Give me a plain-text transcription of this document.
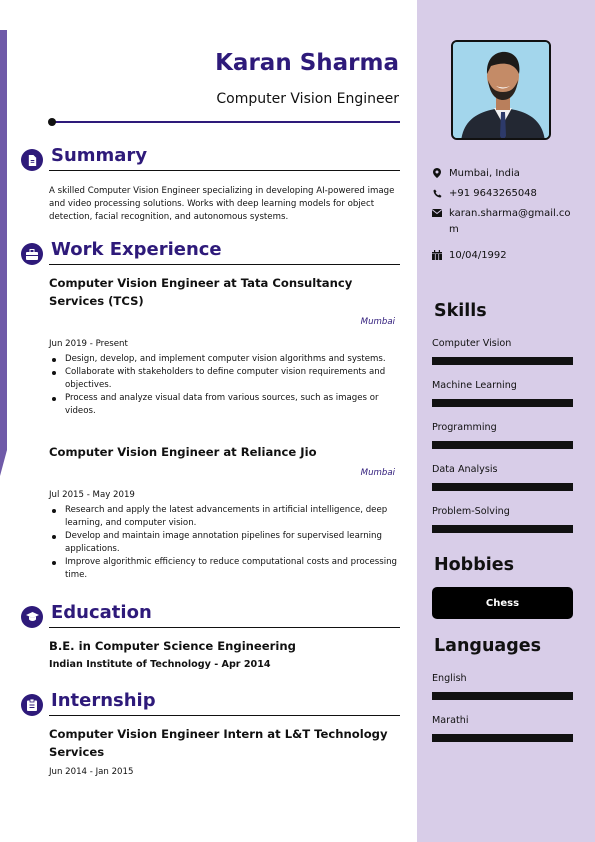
Karan Sharma
Computer Vision Engineer
Summary
A skilled Computer Vision Engineer specializing in developing AI-powered image and video processing solutions. Works with deep learning models for object detection, facial recognition, and autonomous systems.
Work Experience
Computer Vision Engineer at Tata Consultancy Services (TCS)
Mumbai
Jun 2019 - Present
Design, develop, and implement computer vision algorithms and systems.
Collaborate with stakeholders to define computer vision requirements and objectives.
Process and analyze visual data from various sources, such as images or videos.
Computer Vision Engineer at Reliance Jio
Mumbai
Jul 2015 - May 2019
Research and apply the latest advancements in artificial intelligence, deep learning, and computer vision.
Develop and maintain image annotation pipelines for supervised learning applications.
Improve algorithmic efficiency to reduce computational costs and processing time.
Education
B.E. in Computer Science Engineering
Indian Institute of Technology - Apr 2014
Internship
Computer Vision Engineer Intern at L&T Technology Services
Jun 2014 - Jan 2015
Mumbai, India
+91 9643265048
karan.sharma@gmail.com
10/04/1992
Skills
Computer Vision
Machine Learning
Programming
Data Analysis
Problem-Solving
Hobbies
Chess
Languages
English
Marathi
